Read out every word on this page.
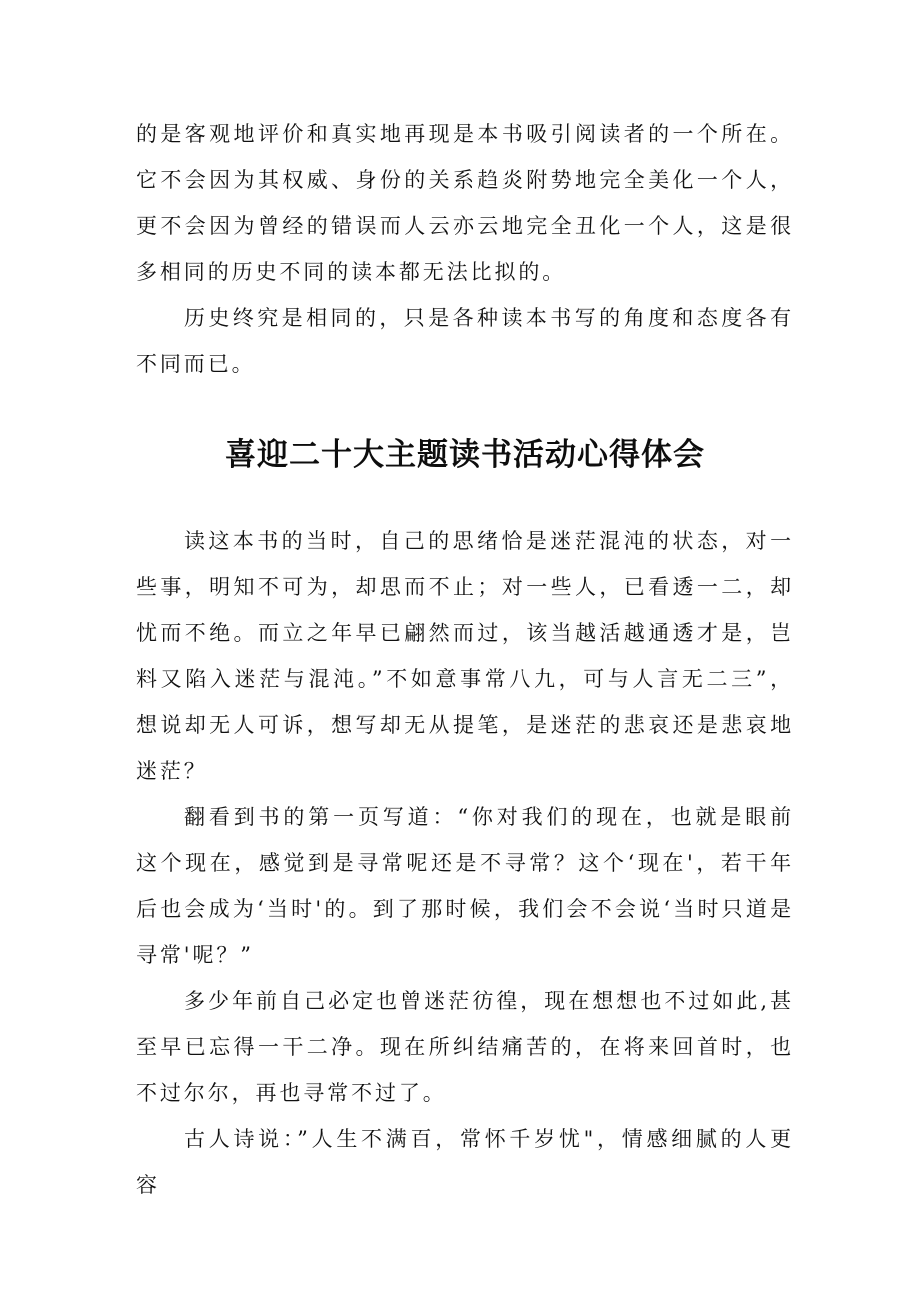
的是客观地评价和真实地再现是本书吸引阅读者的一个所在。它不会因为其权威、身份的关系趋炎附势地完全美化一个人，更不会因为曾经的错误而人云亦云地完全丑化一个人，这是很多相同的历史不同的读本都无法比拟的。

历史终究是相同的，只是各种读本书写的角度和态度各有不同而已。

喜迎二十大主题读书活动心得体会

读这本书的当时，自己的思绪恰是迷茫混沌的状态，对一些事，明知不可为，却思而不止；对一些人，已看透一二，却忧而不绝。而立之年早已翩然而过，该当越活越通透才是，岂料又陷入迷茫与混沌。”不如意事常八九，可与人言无二三”，想说却无人可诉，想写却无从提笔，是迷茫的悲哀还是悲哀地迷茫？

翻看到书的第一页写道：“你对我们的现在，也就是眼前这个现在，感觉到是寻常呢还是不寻常？这个‘现在'，若干年后也会成为‘当时'的。到了那时候，我们会不会说‘当时只道是寻常'呢？”

多少年前自己必定也曾迷茫彷徨，现在想想也不过如此,甚至早已忘得一干二净。现在所纠结痛苦的，在将来回首时，也不过尔尔，再也寻常不过了。

古人诗说：”人生不满百，常怀千岁忧"，情感细腻的人更容
